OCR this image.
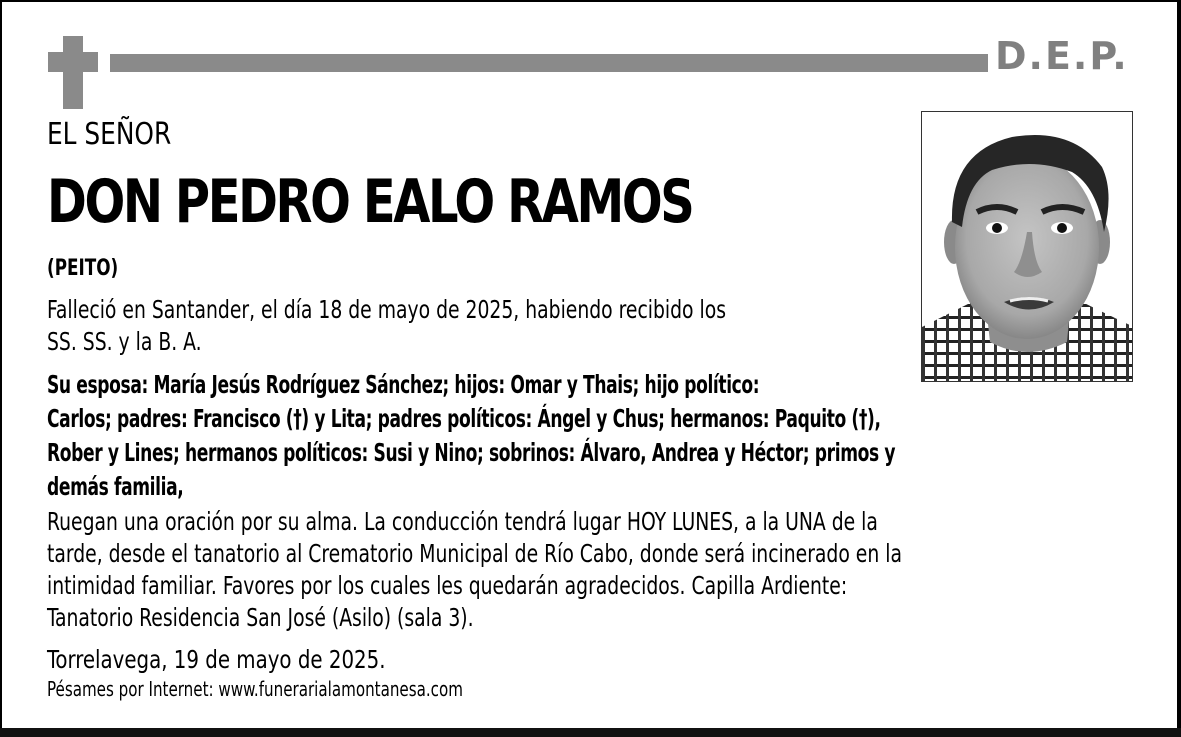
D.E.P.
EL SEÑOR
DON PEDRO EALO RAMOS
(PEITO)
Falleció en Santander, el día 18 de mayo de 2025, habiendo recibido los
SS. SS. y la B. A.
Su esposa: María Jesús Rodríguez Sánchez; hijos: Omar y Thais; hijo político:
Carlos; padres: Francisco (†) y Lita; padres políticos: Ángel y Chus; hermanos: Paquito (†),
Rober y Lines; hermanos políticos: Susi y Nino; sobrinos: Álvaro, Andrea y Héctor; primos y
demás familia,
Ruegan una oración por su alma. La conducción tendrá lugar HOY LUNES, a la UNA de la
tarde, desde el tanatorio al Crematorio Municipal de Río Cabo, donde será incinerado en la
intimidad familiar. Favores por los cuales les quedarán agradecidos. Capilla Ardiente:
Tanatorio Residencia San José (Asilo) (sala 3).
Torrelavega, 19 de mayo de 2025.
Pésames por Internet: www.funerarialamontanesa.com
